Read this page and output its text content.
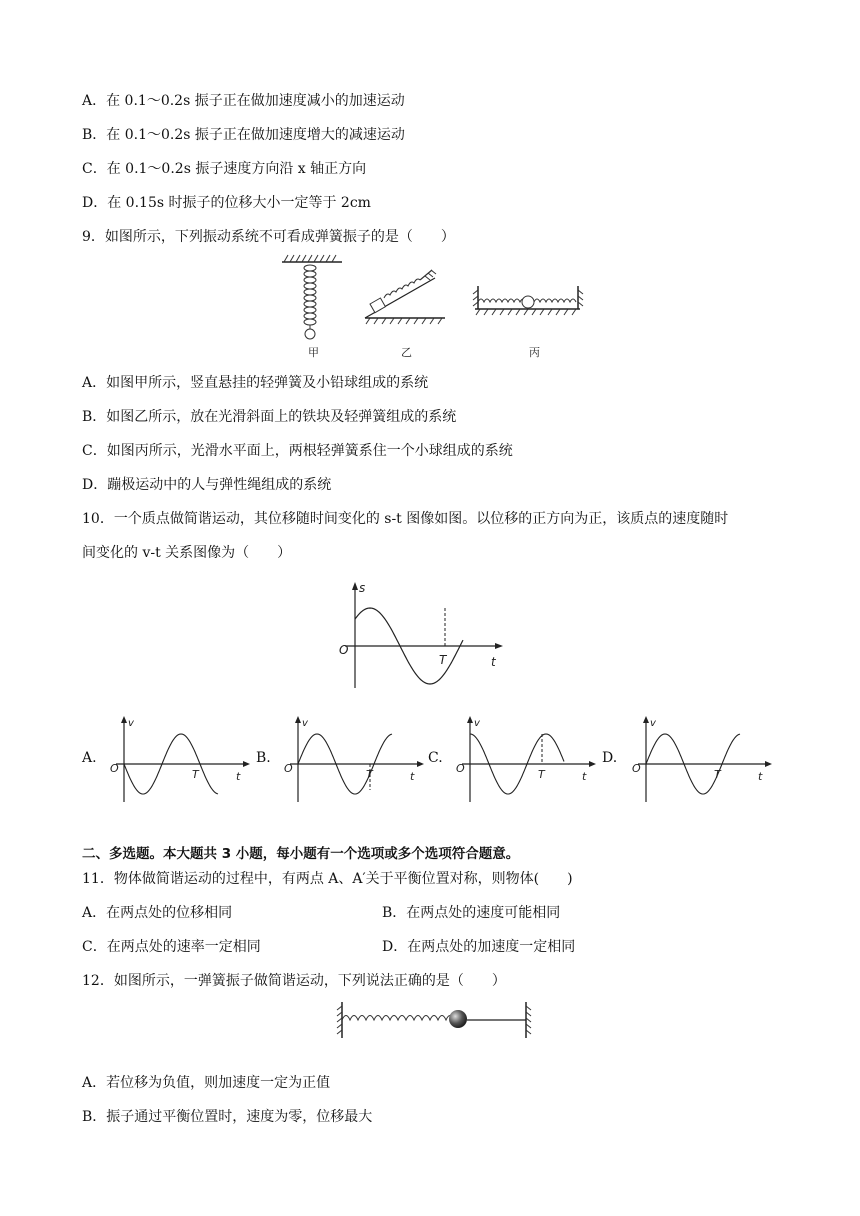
A．在 0.1～0.2s 振子正在做加速度减小的加速运动
B．在 0.1～0.2s 振子正在做加速度增大的减速运动
C．在 0.1～0.2s 振子速度方向沿 x 轴正方向
D．在 0.15s 时振子的位移大小一定等于 2cm
9．如图所示，下列振动系统不可看成弹簧振子的是（　　）
甲	乙	丙
A．如图甲所示，竖直悬挂的轻弹簧及小铅球组成的系统
B．如图乙所示，放在光滑斜面上的铁块及轻弹簧组成的系统
C．如图丙所示，光滑水平面上，两根轻弹簧系住一个小球组成的系统
D．蹦极运动中的人与弹性绳组成的系统
10．一个质点做简谐运动，其位移随时间变化的 s-t 图像如图。以位移的正方向为正，该质点的速度随时
间变化的 v-t 关系图像为（　　）
s
O
T	t
A.	B.	C.	D.
v
O	T	t
v
O	T	t
v
O	T	t
v
O	T	t
二、多选题。本大题共 3 小题，每小题有一个选项或多个选项符合题意。
11．物体做简谐运动的过程中，有两点 A、A′关于平衡位置对称，则物体(　　)
A．在两点处的位移相同	B．在两点处的速度可能相同
C．在两点处的速率一定相同	D．在两点处的加速度一定相同
12．如图所示，一弹簧振子做简谐运动，下列说法正确的是（　　）
A．若位移为负值，则加速度一定为正值
B．振子通过平衡位置时，速度为零，位移最大
